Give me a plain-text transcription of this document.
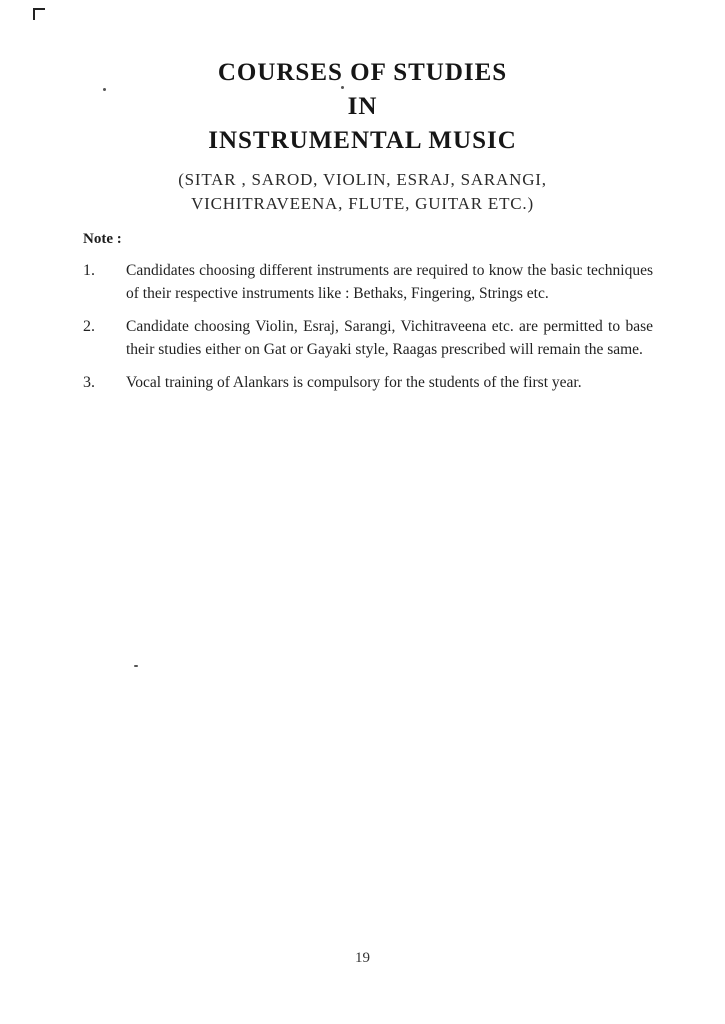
COURSES OF STUDIES
IN
INSTRUMENTAL MUSIC
(SITAR , SAROD, VIOLIN, ESRAJ, SARANGI,
VICHITRAVEENA, FLUTE, GUITAR ETC.)
Note :
1.	Candidates choosing different instruments are required to know the basic techniques of their respective instruments like : Bethaks, Fingering, Strings etc.
2.	Candidate choosing Violin, Esraj, Sarangi, Vichitraveena etc. are permitted to base their studies either on Gat or Gayaki style, Raagas prescribed will remain the same.
3.	Vocal training of Alankars is compulsory for the students of the first year.
19
